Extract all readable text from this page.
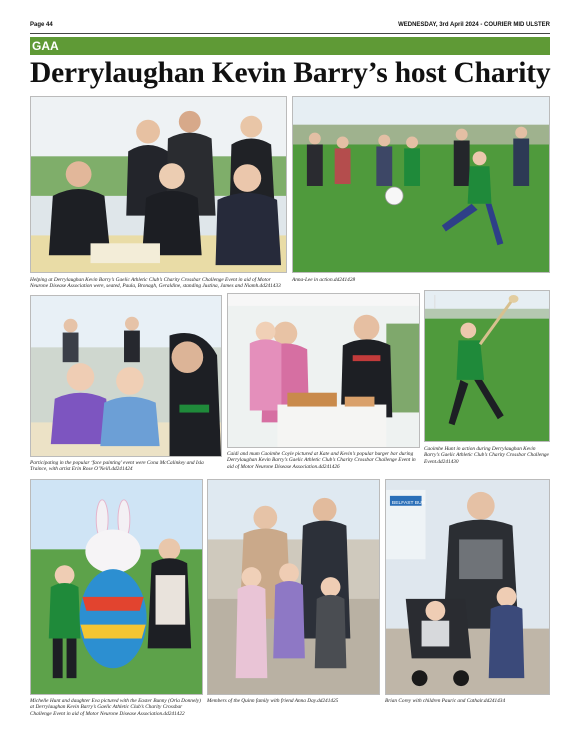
Page 44	WEDNESDAY, 3rd April 2024 - COURIER MID ULSTER
GAA
Derrylaughan Kevin Barry’s host Charity
Helping at Derrylaughan Kevin Barry’s Gaelic Athletic Club’s Charity Crossbar Challenge Event in aid of Motor Neurone Disease Association were, seated, Paula, Bronagh, Geraldine, standing Justina, James and Niamh.dd241433
Anna-Lee in action.dd241428
Participating in the popular ‘face painting’ event were Cona McCalinkey and Isla Traince, with artist Erin Rose O’Neill.dd241424
Caidi and mum Caoimhe Coyle pictured at Kate and Kevin’s popular burger bar during Derrylaughan Kevin Barry’s Gaelic Athletic Club’s Charity Crossbar Challenge Event in aid of Motor Neurone Disease Association.dd241426
Caoimhe Hunt in action during Derrylaughan Kevin Barry’s Gaelic Athletic Club’s Charity Crossbar Challenge Event.dd241430
Michelle Hunt and daughter Eva pictured with the Easter Bunny (Orla Donnely) at Derrylaughan Kevin Barry’s Gaelic Athletic Club’s Charity Crossbar Challenge Event in aid of Motor Neurone Disease Association.dd241422
Members of the Quinn family with friend Anna Day.dd241425
BELFAST BUS
Brian Corey with children Pauric and Cathair.dd241434
